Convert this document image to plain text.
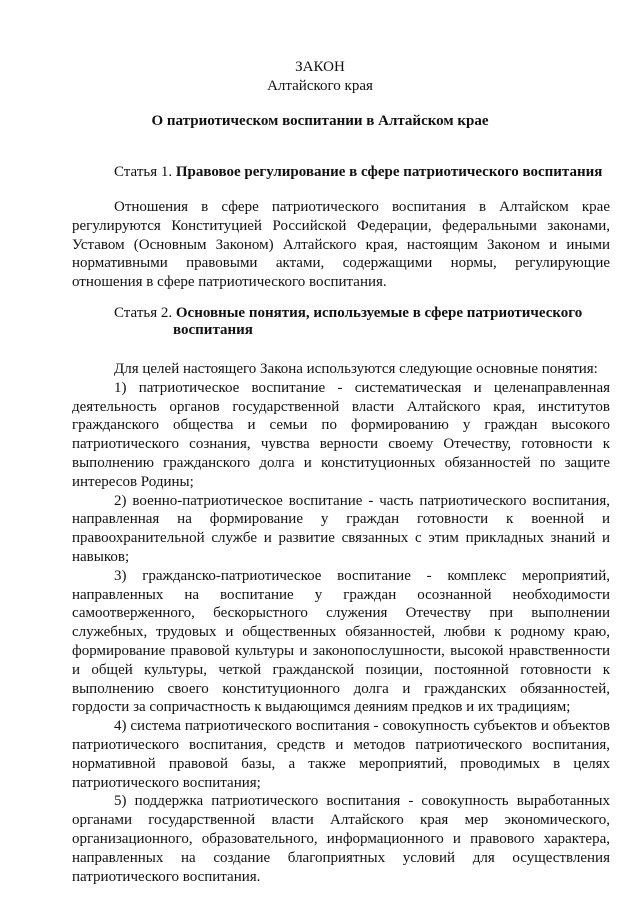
ЗАКОН
Алтайского края
О патриотическом воспитании в Алтайском крае
Статья 1. Правовое регулирование в сфере патриотического воспитания

Отношения в сфере патриотического воспитания в Алтайском крае регулируются Конституцией Российской Федерации, федеральными законами, Уставом (Основным Законом) Алтайского края, настоящим Законом и иными нормативными правовыми актами, содержащими нормы, регулирующие отношения в сфере патриотического воспитания.

Статья 2. Основные понятия, используемые в сфере патриотического
воспитания

Для целей настоящего Закона используются следующие основные понятия:

1) патриотическое воспитание - систематическая и целенаправленная деятельность органов государственной власти Алтайского края, институтов гражданского общества и семьи по формированию у граждан высокого патриотического сознания, чувства верности своему Отечеству, готовности к выполнению гражданского долга и конституционных обязанностей по защите интересов Родины;

2) военно-патриотическое воспитание - часть патриотического воспитания, направленная на формирование у граждан готовности к военной и правоохранительной службе и развитие связанных с этим прикладных знаний и навыков;

3) гражданско-патриотическое воспитание - комплекс мероприятий, направленных на воспитание у граждан осознанной необходимости самоотверженного, бескорыстного служения Отечеству при выполнении служебных, трудовых и общественных обязанностей, любви к родному краю, формирование правовой культуры и законопослушности, высокой нравственности и общей культуры, четкой гражданской позиции, постоянной готовности к выполнению своего конституционного долга и гражданских обязанностей, гордости за сопричастность к выдающимся деяниям предков и их традициям;

4) система патриотического воспитания - совокупность субъектов и объектов патриотического воспитания, средств и методов патриотического воспитания, нормативной правовой базы, а также мероприятий, проводимых в целях патриотического воспитания;

5) поддержка патриотического воспитания - совокупность выработанных органами государственной власти Алтайского края мер экономического, организационного, образовательного, информационного и правового характера, направленных на создание благоприятных условий для осуществления патриотического воспитания.
